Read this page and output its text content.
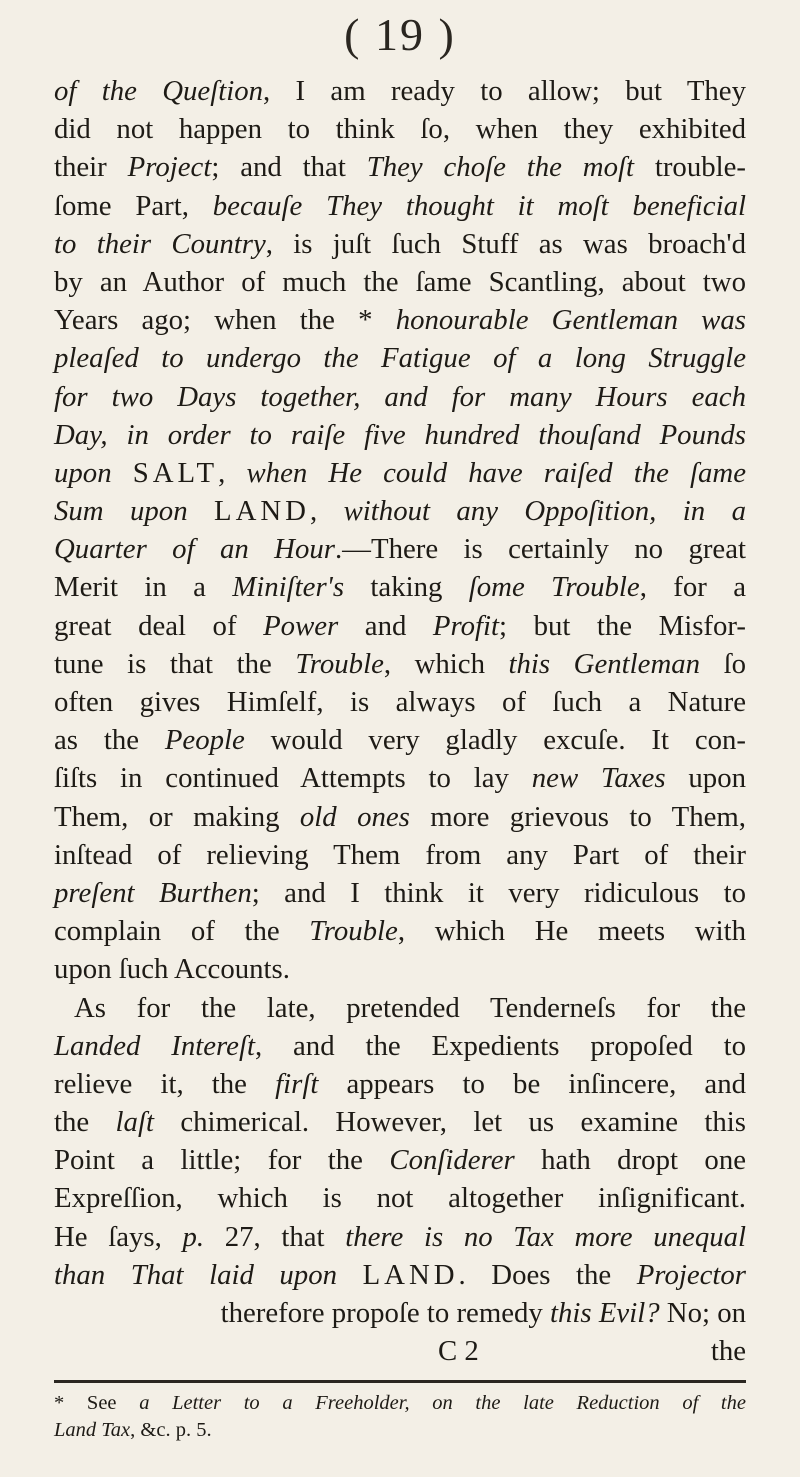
( 19 )
of the Queſtion, I am ready to allow; but They
did not happen to think ſo, when they exhibited
their Project; and that They choſe the moſt trouble-
ſome Part, becauſe They thought it moſt beneficial
to their Country, is juſt ſuch Stuff as was broach'd
by an Author of much the ſame Scantling, about two
Years ago; when the * honourable Gentleman was
pleaſed to undergo the Fatigue of a long Struggle
for two Days together, and for many Hours each
Day, in order to raiſe five hundred thouſand Pounds
upon SALT, when He could have raiſed the ſame
Sum upon LAND, without any Oppoſition, in a
Quarter of an Hour.—There is certainly no great
Merit in a Miniſter's taking ſome Trouble, for a
great deal of Power and Profit; but the Misfor-
tune is that the Trouble, which this Gentleman ſo
often gives Himſelf, is always of ſuch a Nature
as the People would very gladly excuſe. It con-
ſiſts in continued Attempts to lay new Taxes upon
Them, or making old ones more grievous to Them,
inſtead of relieving Them from any Part of their
preſent Burthen; and I think it very ridiculous to
complain of the Trouble, which He meets with
upon ſuch Accounts.
As for the late, pretended Tenderneſs for the
Landed Intereſt, and the Expedients propoſed to
relieve it, the firſt appears to be inſincere, and
the laſt chimerical. However, let us examine this
Point a little; for the Conſiderer hath dropt one
Expreſſion, which is not altogether inſignificant.
He ſays, p. 27, that there is no Tax more unequal
than That laid upon LAND. Does the Projector
therefore propoſe to remedy this Evil? No; on
C 2	the
* See a Letter to a Freeholder, on the late Reduction of the
Land Tax, &c. p. 5.
